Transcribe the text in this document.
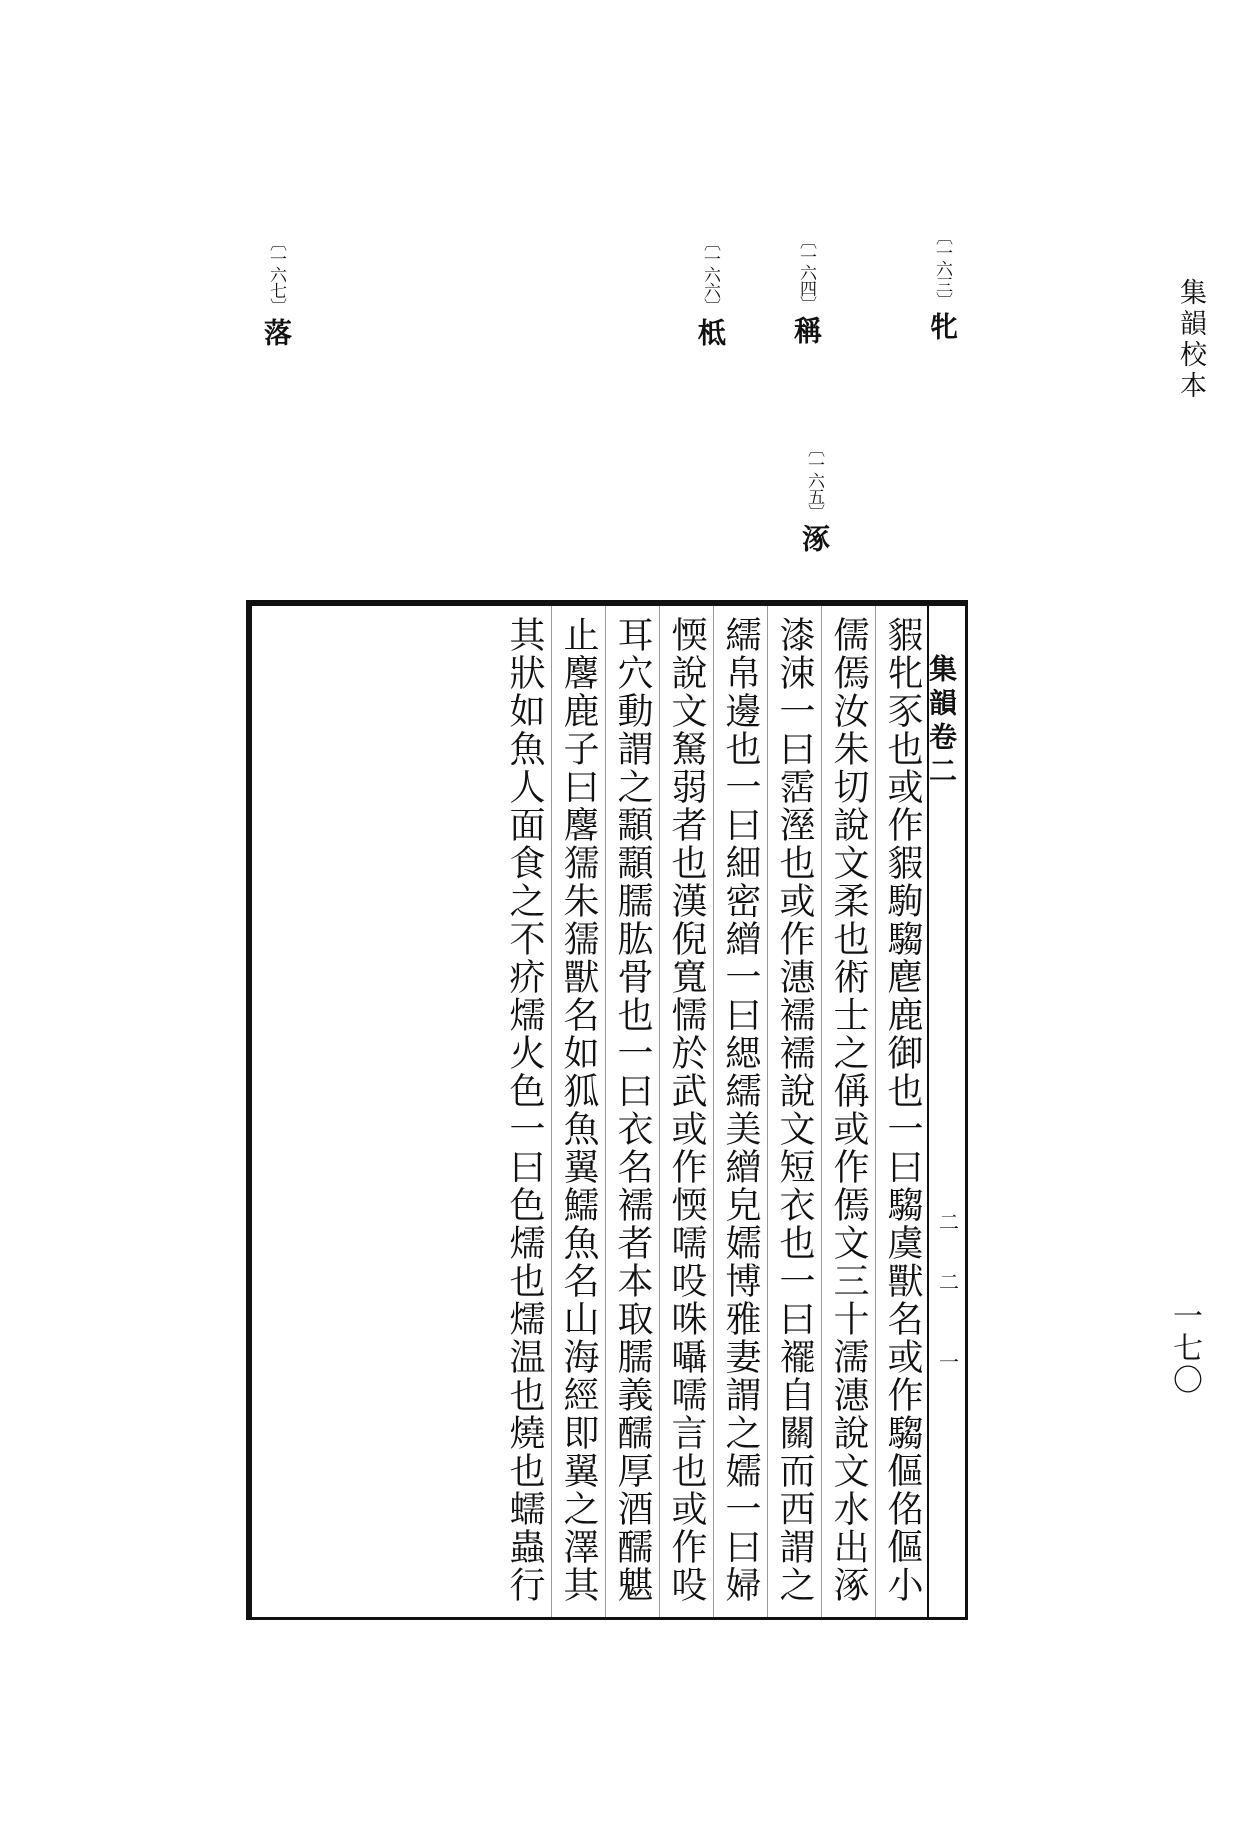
集韻校本
一七〇
〔一六三〕牝
〔一六四〕稱
〔一六五〕涿
〔一六六〕柢
〔一六七〕落
集韻卷二
二
二
一
貑牝豕也或作貑駒騶麀鹿御也一曰騶虞獸名或作騶傴佲傴小
儒傿汝朱切說文柔也術士之偁或作傿文三十濡潓說文水出涿
漆涑一曰霑溼也或作潓襦襦說文短衣也一曰襬自關而西謂之
繻帛邊也一曰細密繒一曰緦繻美繒皃嬬博雅妻謂之嬬一曰婦
愞說文駑弱者也漢倪寬懦於武或作愞嚅吺咮囁嚅言也或作吺
耳穴動謂之顬顬臑肱骨也一曰衣名襦者本取臑義醹厚酒醹魌
止麐鹿子曰麐獳朱獳獸名如狐魚翼鱬魚名山海經即翼之澤其
其狀如魚人面食之不疥燸火色一曰色燸也燸温也燒也蠕蟲行
